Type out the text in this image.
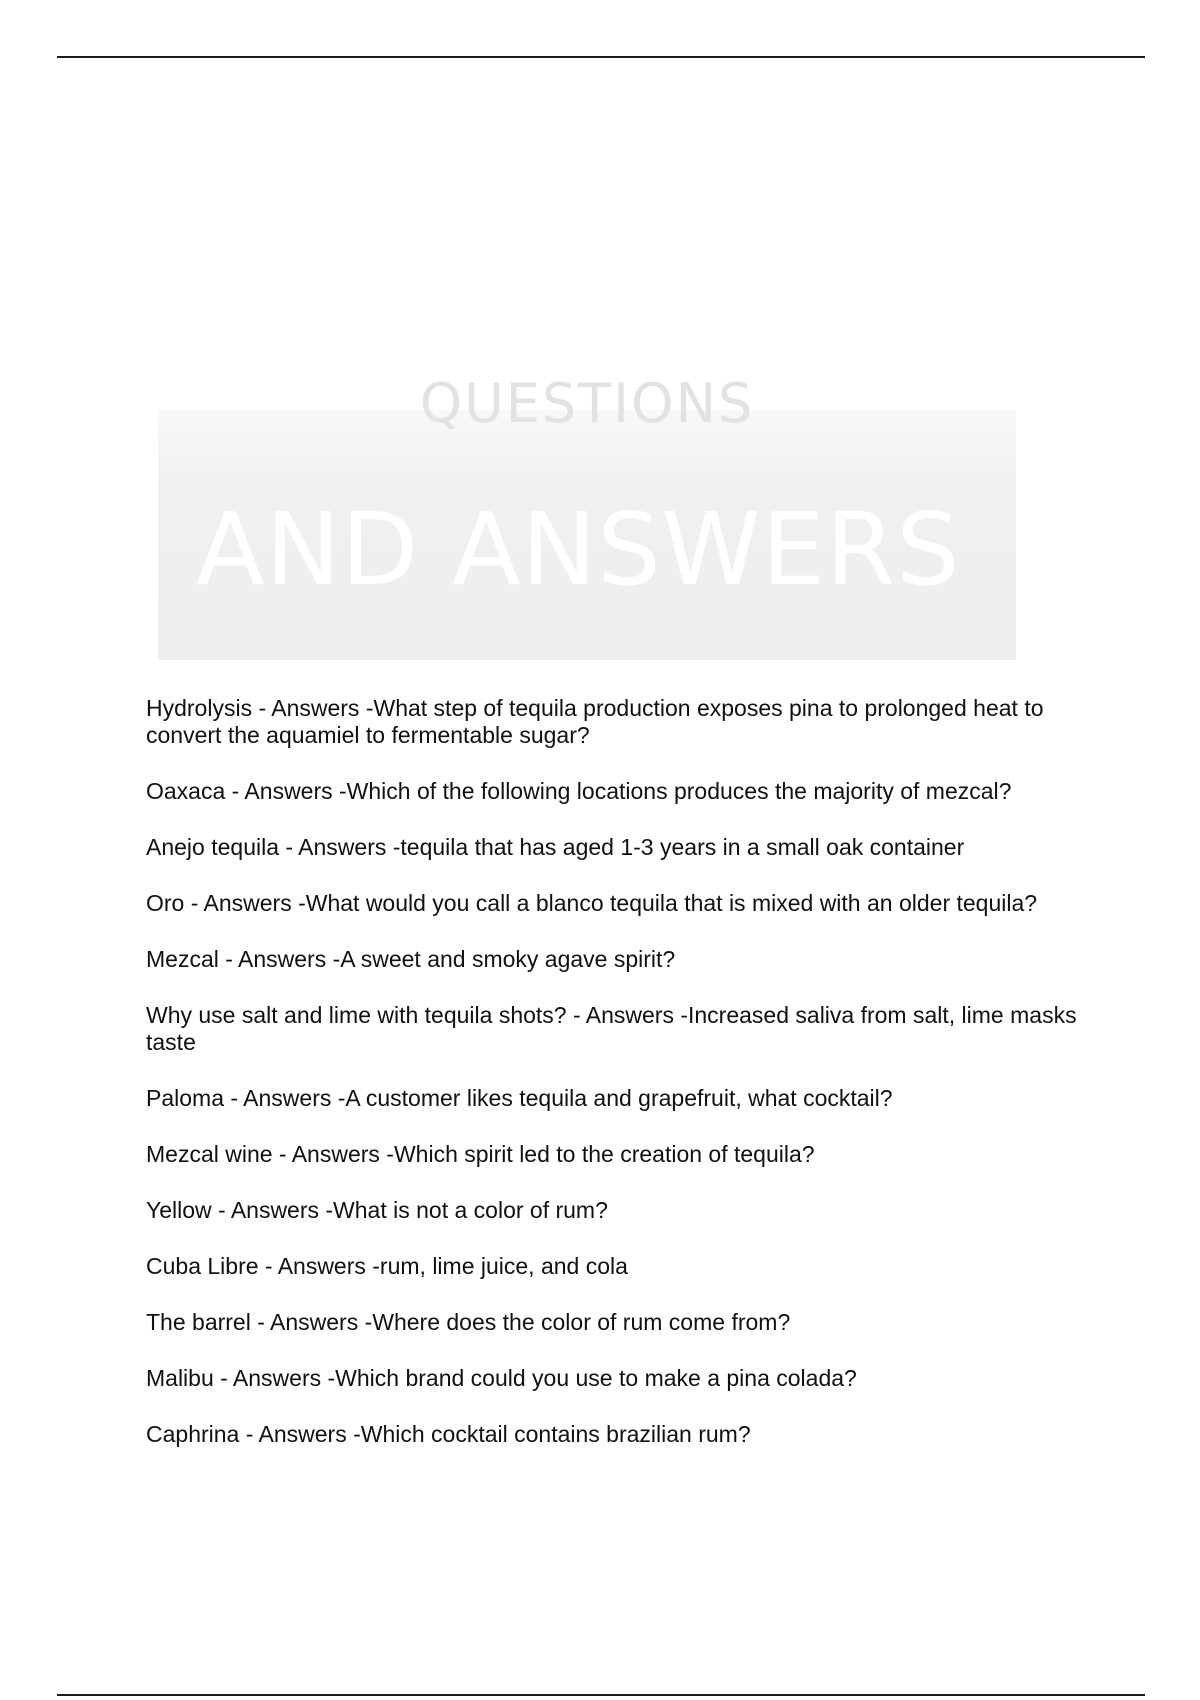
QUESTIONS
AND ANSWERS
Hydrolysis - Answers -What step of tequila production exposes pina to prolonged heat to convert the aquamiel to fermentable sugar?
Oaxaca - Answers -Which of the following locations produces the majority of mezcal?
Anejo tequila - Answers -tequila that has aged 1-3 years in a small oak container
Oro - Answers -What would you call a blanco tequila that is mixed with an older tequila?
Mezcal - Answers -A sweet and smoky agave spirit?
Why use salt and lime with tequila shots? - Answers -Increased saliva from salt, lime masks taste
Paloma - Answers -A customer likes tequila and grapefruit, what cocktail?
Mezcal wine - Answers -Which spirit led to the creation of tequila?
Yellow - Answers -What is not a color of rum?
Cuba Libre - Answers -rum, lime juice, and cola
The barrel - Answers -Where does the color of rum come from?
Malibu - Answers -Which brand could you use to make a pina colada?
Caphrina - Answers -Which cocktail contains brazilian rum?
